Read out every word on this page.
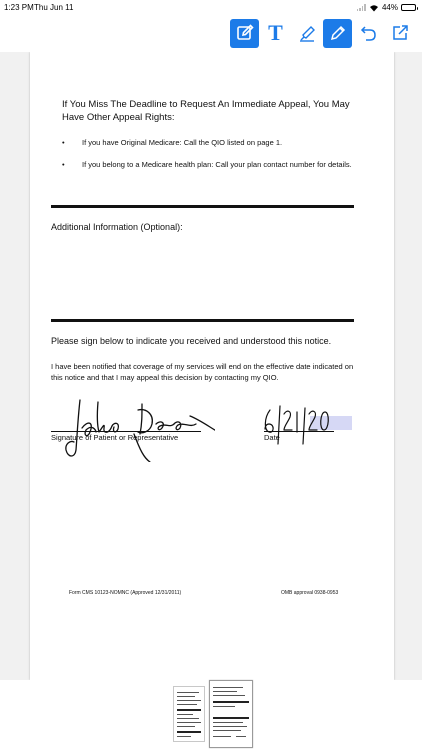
1:23 PM Thu Jun 11	44%
T
If You Miss The Deadline to Request An Immediate Appeal, You May Have Other Appeal Rights:
• If you have Original Medicare: Call the QIO listed on page 1.
• If you belong to a Medicare health plan: Call your plan contact number for details.
Additional Information (Optional):
Please sign below to indicate you received and understood this notice.
I have been notified that coverage of my services will end on the effective date indicated on this notice and that I may appeal this decision by contacting my QIO.
Signature of Patient or Representative	Date
Form CMS 10123-NOMNC (Approved 12/31/2011)	OMB approval 0938-0953
